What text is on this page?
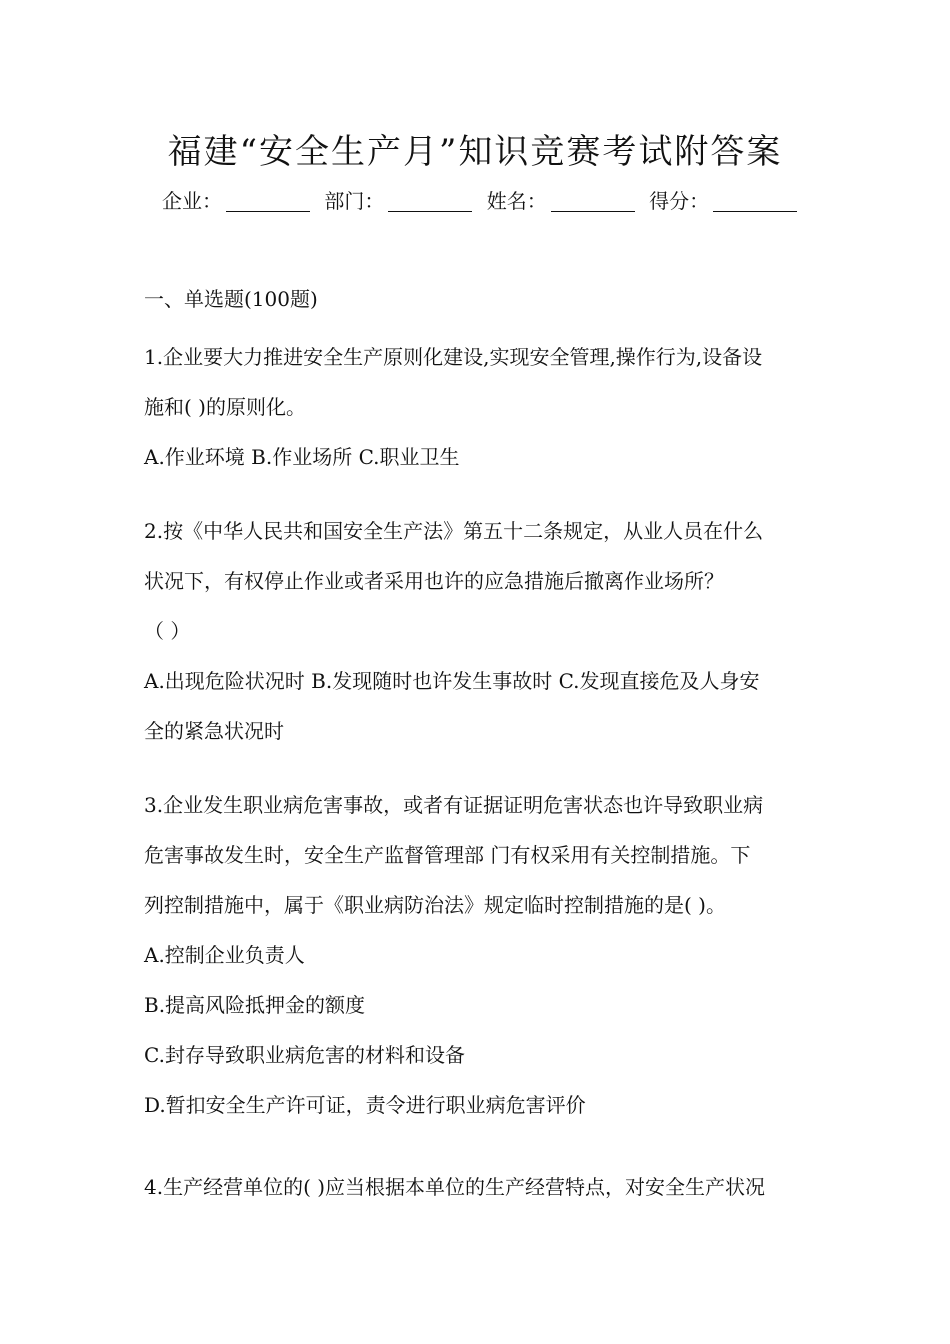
福建“安全生产月”知识竞赛考试附答案
企业：	部门：	姓名：	得分：
一、单选题(100题)

1.企业要大力推进安全生产原则化建设,实现安全管理,操作行为,设备设

施和( )的原则化。

A.作业环境 B.作业场所 C.职业卫生

2.按《中华人民共和国安全生产法》第五十二条规定，从业人员在什么

状况下，有权停止作业或者采用也许的应急措施后撤离作业场所？

（ ）

A.出现危险状况时 B.发现随时也许发生事故时 C.发现直接危及人身安

全的紧急状况时

3.企业发生职业病危害事故，或者有证据证明危害状态也许导致职业病

危害事故发生时，安全生产监督管理部 门有权采用有关控制措施。下

列控制措施中，属于《职业病防治法》规定临时控制措施的是( )。

A.控制企业负责人

B.提高风险抵押金的额度

C.封存导致职业病危害的材料和设备

D.暂扣安全生产许可证，责令进行职业病危害评价

4.生产经营单位的( )应当根据本单位的生产经营特点，对安全生产状况
